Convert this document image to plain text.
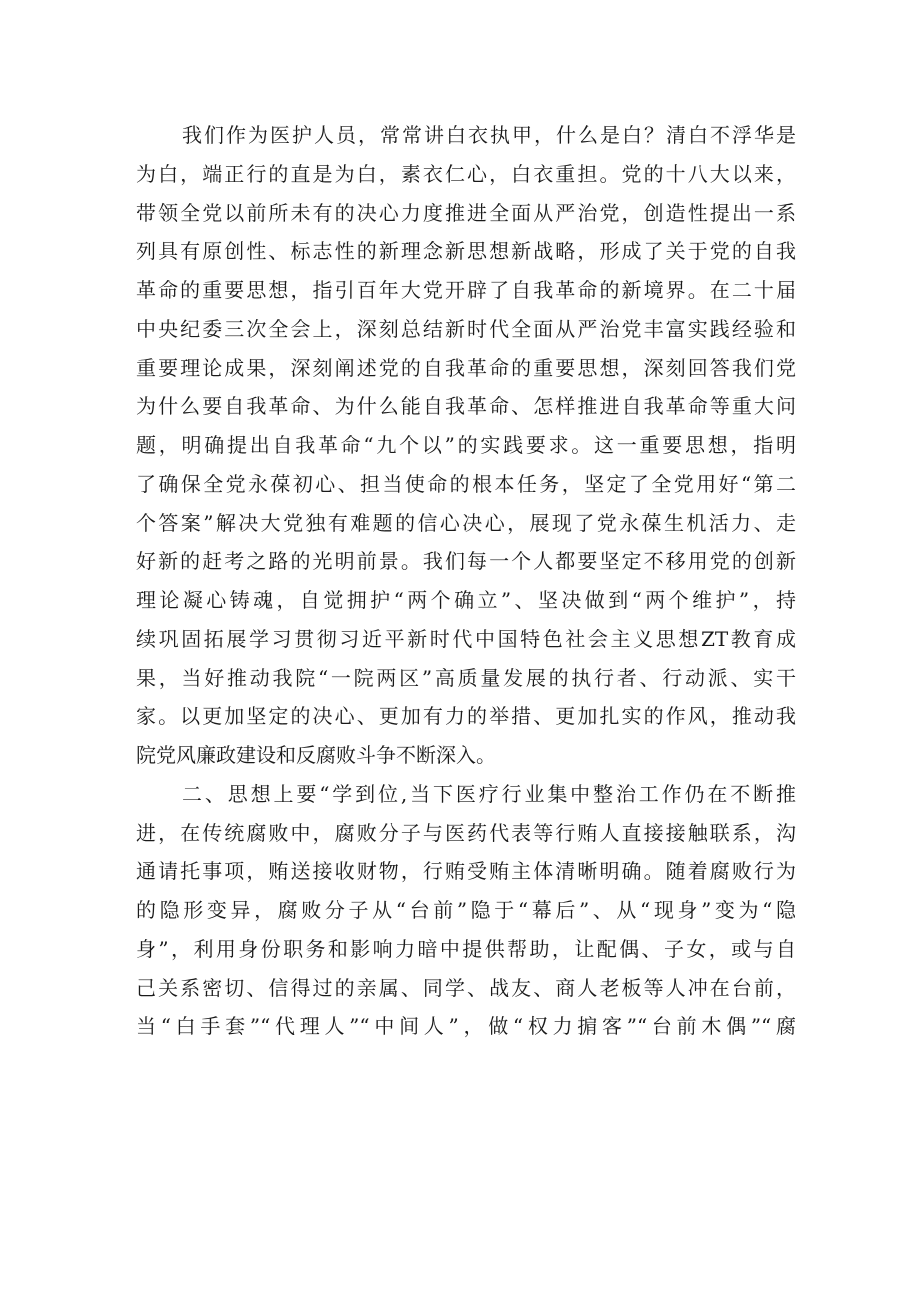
我们作为医护人员，常常讲白衣执甲，什么是白？清白不浮华是
为白，端正行的直是为白，素衣仁心，白衣重担。党的十八大以来，
带领全党以前所未有的决心力度推进全面从严治党，创造性提出一系
列具有原创性、标志性的新理念新思想新战略，形成了关于党的自我
革命的重要思想，指引百年大党开辟了自我革命的新境界。在二十届
中央纪委三次全会上，深刻总结新时代全面从严治党丰富实践经验和
重要理论成果，深刻阐述党的自我革命的重要思想，深刻回答我们党
为什么要自我革命、为什么能自我革命、怎样推进自我革命等重大问
题，明确提出自我革命“九个以”的实践要求。这一重要思想，指明
了确保全党永葆初心、担当使命的根本任务，坚定了全党用好“第二
个答案”解决大党独有难题的信心决心，展现了党永葆生机活力、走
好新的赶考之路的光明前景。我们每一个人都要坚定不移用党的创新
理论凝心铸魂，自觉拥护“两个确立”、坚决做到“两个维护”，持
续巩固拓展学习贯彻习近平新时代中国特色社会主义思想ZT教育成
果，当好推动我院“一院两区”高质量发展的执行者、行动派、实干
家。以更加坚定的决心、更加有力的举措、更加扎实的作风，推动我
院党风廉政建设和反腐败斗争不断深入。
二、思想上要“学到位,当下医疗行业集中整治工作仍在不断推
进，在传统腐败中，腐败分子与医药代表等行贿人直接接触联系，沟
通请托事项，贿送接收财物，行贿受贿主体清晰明确。随着腐败行为
的隐形变异，腐败分子从“台前”隐于“幕后”、从“现身”变为“隐
身”，利用身份职务和影响力暗中提供帮助，让配偶、子女，或与自
己关系密切、信得过的亲属、同学、战友、商人老板等人冲在台前，
当“白手套”“代理人”“中间人”，做“权力掮客”“台前木偶”“腐
